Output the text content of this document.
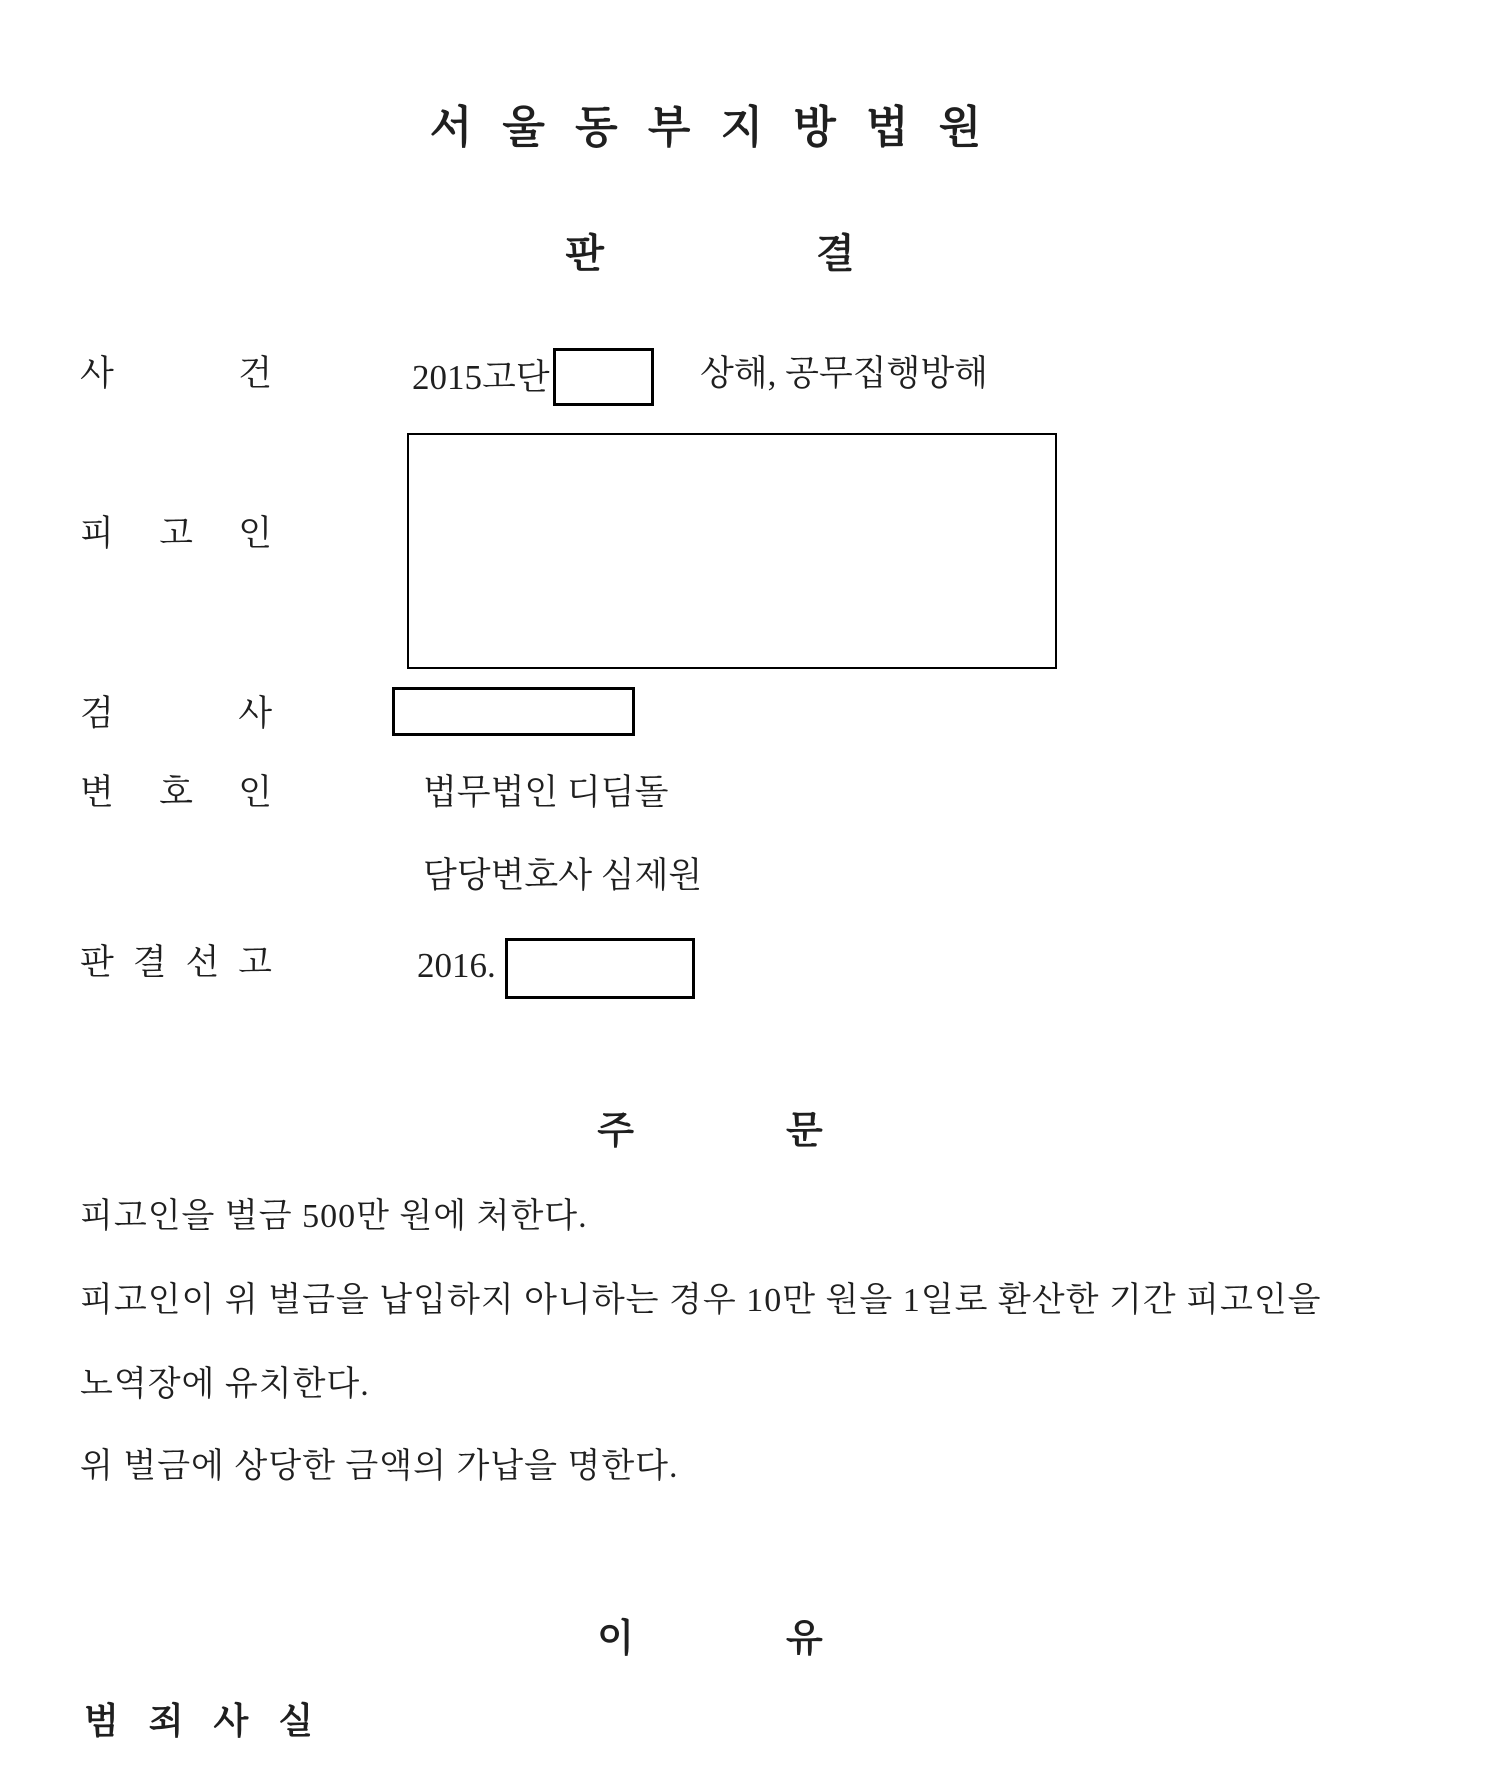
서 울 동 부 지 방 법 원
판	결
사	건	2015고단	상해, 공무집행방해
피 고 인
검	사
변 호 인	법무법인 디딤돌
담당변호사 심제원
판 결 선 고	2016.
주	문
피고인을 벌금 500만 원에 처한다.
피고인이 위 벌금을 납입하지 아니하는 경우 10만 원을 1일로 환산한 기간 피고인을
노역장에 유치한다.
위 벌금에 상당한 금액의 가납을 명한다.
이	유
범 죄 사 실
